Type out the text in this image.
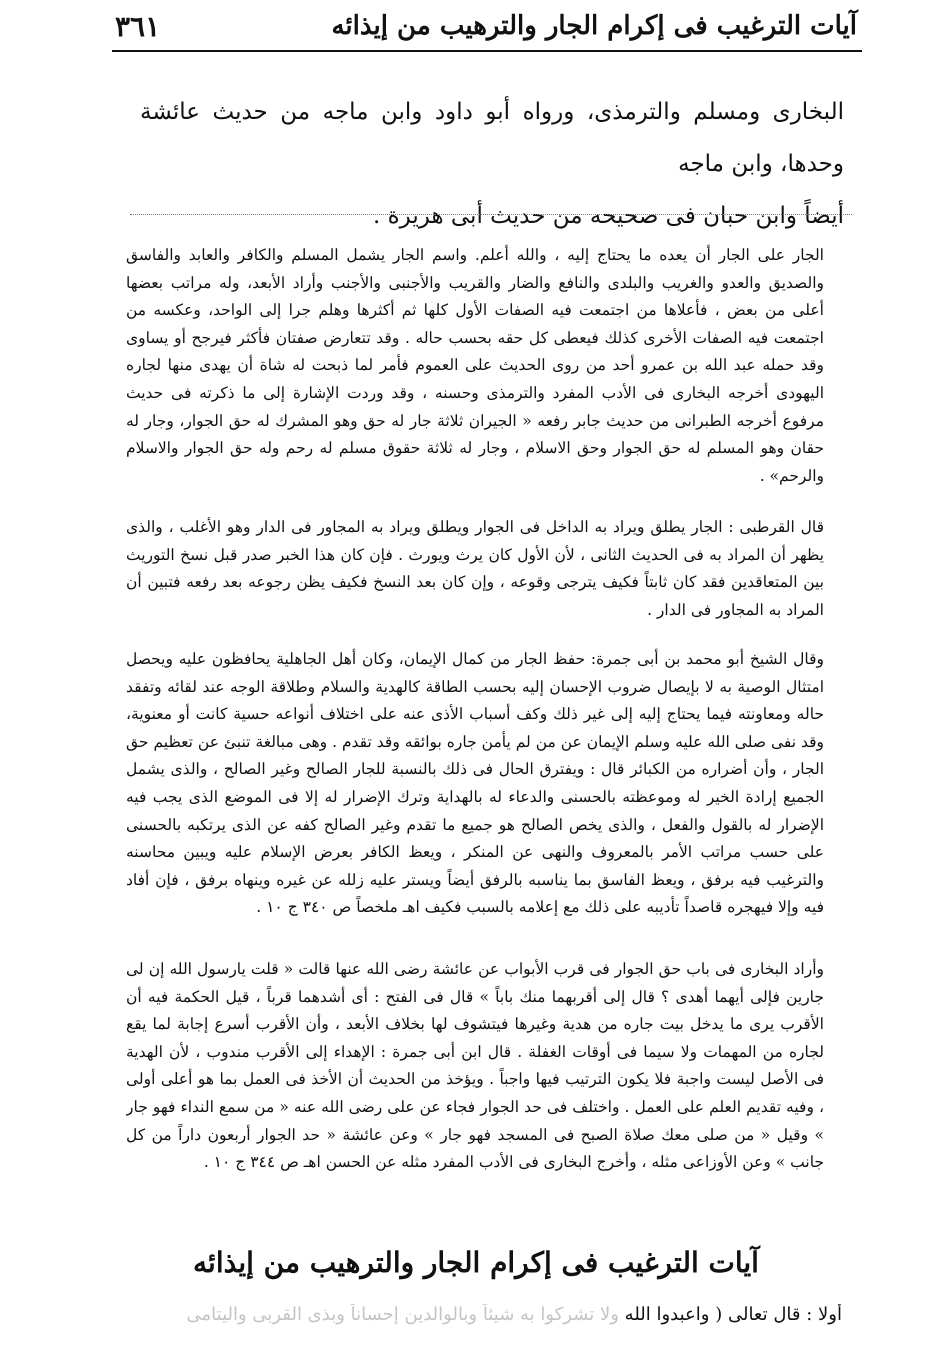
آيات الترغيب فى إكرام الجار والترهيب من إيذائه
٣٦١

البخارى ومسلم والترمذى، ورواه أبو داود وابن ماجه من حديث عائشة وحدها، وابن ماجه

أيضاً وابن حبان فى صحيحه من حديث أبى هريرة .

الجار على الجار أن يعده ما يحتاج إليه ، والله أعلم. واسم الجار يشمل المسلم والكافر والعابد والفاسق والصديق والعدو والغريب والبلدى والنافع والضار والقريب والأجنبى والأجنب وأراد الأبعد، وله مراتب بعضها أعلى من بعض ، فأعلاها من اجتمعت فيه الصفات الأول كلها ثم أكثرها وهلم جرا إلى الواحد، وعكسه من اجتمعت فيه الصفات الأخرى كذلك فيعطى كل حقه بحسب حاله . وقد تتعارض صفتان فأكثر فيرجح أو يساوى وقد حمله عبد الله بن عمرو أحد من روى الحديث على العموم فأمر لما ذبحت له شاة أن يهدى منها لجاره اليهودى أخرجه البخارى فى الأدب المفرد والترمذى وحسنه ، وقد وردت الإشارة إلى ما ذكرته فى حديث مرفوع أخرجه الطبرانى من حديث جابر رفعه « الجيران ثلاثة جار له حق وهو المشرك له حق الجوار، وجار له حقان وهو المسلم له حق الجوار وحق الاسلام ، وجار له ثلاثة حقوق مسلم له رحم وله حق الجوار والاسلام والرحم» .

قال القرطبى : الجار يطلق ويراد به الداخل فى الجوار ويطلق ويراد به المجاور فى الدار وهو الأغلب ، والذى يظهر أن المراد به فى الحديث الثانى ، لأن الأول كان يرث ويورث . فإن كان هذا الخبر صدر قبل نسخ التوريث بين المتعاقدين فقد كان ثابتاً فكيف يترجى وقوعه ، وإن كان بعد النسخ فكيف يظن رجوعه بعد رفعه فتبين أن المراد به المجاور فى الدار .

وقال الشيخ أبو محمد بن أبى جمرة: حفظ الجار من كمال الإيمان، وكان أهل الجاهلية يحافظون عليه ويحصل امتثال الوصية به لا بإيصال ضروب الإحسان إليه بحسب الطاقة كالهدية والسلام وطلاقة الوجه عند لقائه وتفقد حاله ومعاونته فيما يحتاج إليه إلى غير ذلك وكف أسباب الأذى عنه على اختلاف أنواعه حسية كانت أو معنوية، وقد نفى صلى الله عليه وسلم الإيمان عن من لم يأمن جاره بوائقه وقد تقدم . وهى مبالغة تنبئ عن تعظيم حق الجار ، وأن أضراره من الكبائر قال : ويفترق الحال فى ذلك بالنسبة للجار الصالح وغير الصالح ، والذى يشمل الجميع إرادة الخير له وموعظته بالحسنى والدعاء له بالهداية وترك الإضرار له إلا فى الموضع الذى يجب فيه الإضرار له بالقول والفعل ، والذى يخص الصالح هو جميع ما تقدم وغير الصالح كفه عن الذى يرتكبه بالحسنى على حسب مراتب الأمر بالمعروف والنهى عن المنكر ، ويعظ الكافر بعرض الإسلام عليه ويبين محاسنه والترغيب فيه برفق ، ويعظ الفاسق بما يناسبه بالرفق أيضاً ويستر عليه زلله عن غيره وينهاه برفق ، فإن أفاد فيه وإلا فيهجره قاصداً تأديبه على ذلك مع إعلامه بالسبب فكيف اهـ ملخصاً ص ٣٤٠ ج ١٠ .

وأراد البخارى فى باب حق الجوار فى قرب الأبواب عن عائشة رضى الله عنها قالت « قلت يارسول الله إن لى جارين فإلى أيهما أهدى ؟ قال إلى أقربهما منك باباً » قال فى الفتح : أى أشدهما قرباً ، قيل الحكمة فيه أن الأقرب يرى ما يدخل بيت جاره من هدية وغيرها فيتشوف لها بخلاف الأبعد ، وأن الأقرب أسرع إجابة لما يقع لجاره من المهمات ولا سيما فى أوقات الغفلة . قال ابن أبى جمرة : الإهداء إلى الأقرب مندوب ، لأن الهدية فى الأصل ليست واجبة فلا يكون الترتيب فيها واجباً . ويؤخذ من الحديث أن الأخذ فى العمل بما هو أعلى أولى ، وفيه تقديم العلم على العمل . واختلف فى حد الجوار فجاء عن على رضى الله عنه « من سمع النداء فهو جار » وقيل « من صلى معك صلاة الصبح فى المسجد فهو جار » وعن عائشة « حد الجوار أربعون داراً من كل جانب » وعن الأوزاعى مثله ، وأخرج البخارى فى الأدب المفرد مثله عن الحسن اهـ ص ٣٤٤ ج ١٠ .

آيات الترغيب فى إكرام الجار والترهيب من إيذائه
أولا : قال تعالى ( واعبدوا الله ولا تشركوا به شيئاً وبالوالدين إحساناً وبذى القربى واليتامى
